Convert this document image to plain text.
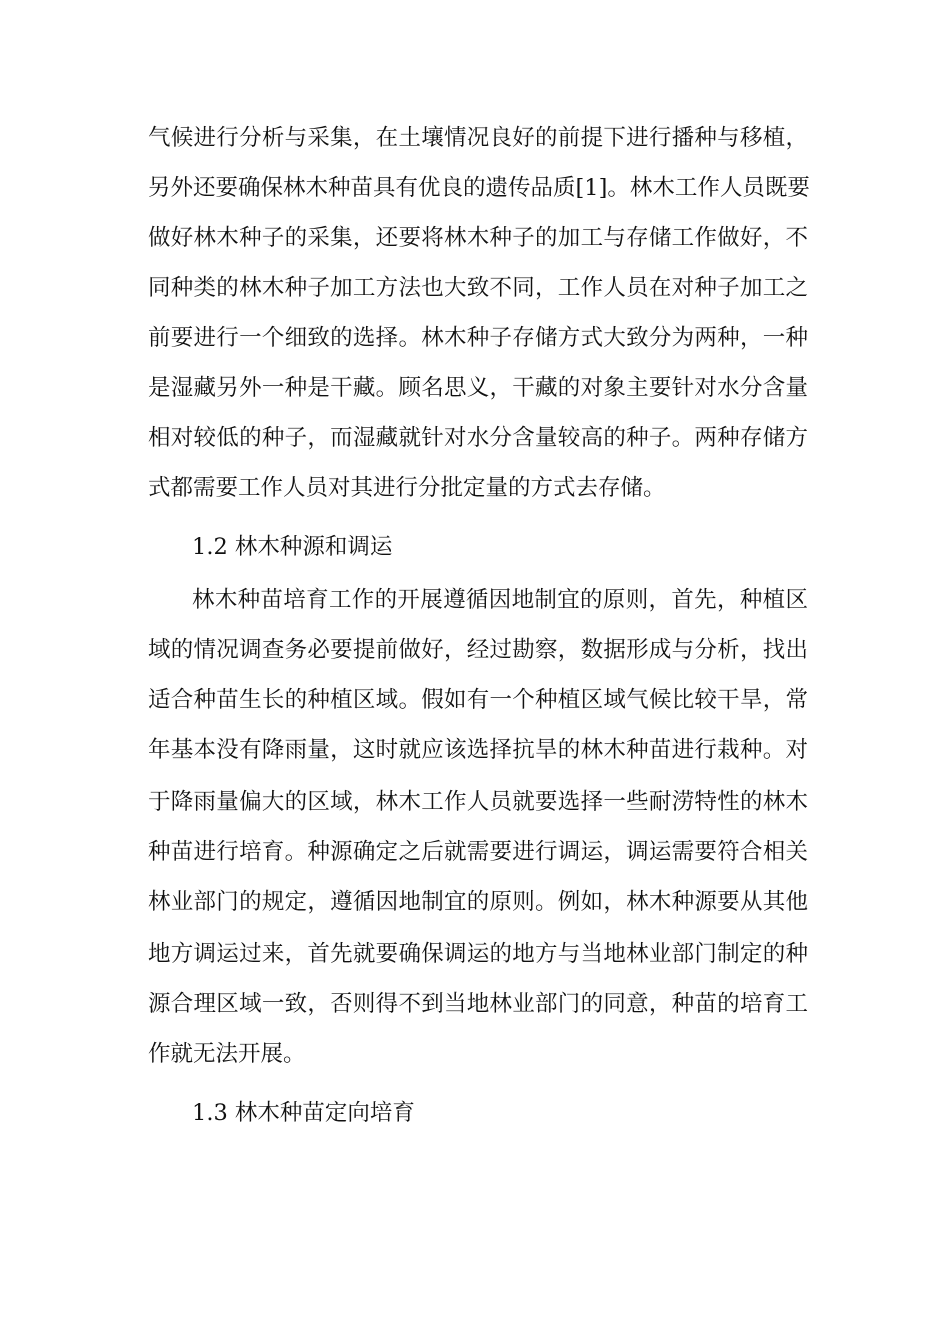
气候进行分析与采集，在土壤情况良好的前提下进行播种与移植，
另外还要确保林木种苗具有优良的遗传品质[1]。林木工作人员既要
做好林木种子的采集，还要将林木种子的加工与存储工作做好，不
同种类的林木种子加工方法也大致不同，工作人员在对种子加工之
前要进行一个细致的选择。林木种子存储方式大致分为两种，一种
是湿藏另外一种是干藏。顾名思义，干藏的对象主要针对水分含量
相对较低的种子，而湿藏就针对水分含量较高的种子。两种存储方
式都需要工作人员对其进行分批定量的方式去存储。
1.2 林木种源和调运
林木种苗培育工作的开展遵循因地制宜的原则，首先，种植区
域的情况调查务必要提前做好，经过勘察，数据形成与分析，找出
适合种苗生长的种植区域。假如有一个种植区域气候比较干旱，常
年基本没有降雨量，这时就应该选择抗旱的林木种苗进行栽种。对
于降雨量偏大的区域，林木工作人员就要选择一些耐涝特性的林木
种苗进行培育。种源确定之后就需要进行调运，调运需要符合相关
林业部门的规定，遵循因地制宜的原则。例如，林木种源要从其他
地方调运过来，首先就要确保调运的地方与当地林业部门制定的种
源合理区域一致，否则得不到当地林业部门的同意，种苗的培育工
作就无法开展。
1.3 林木种苗定向培育
